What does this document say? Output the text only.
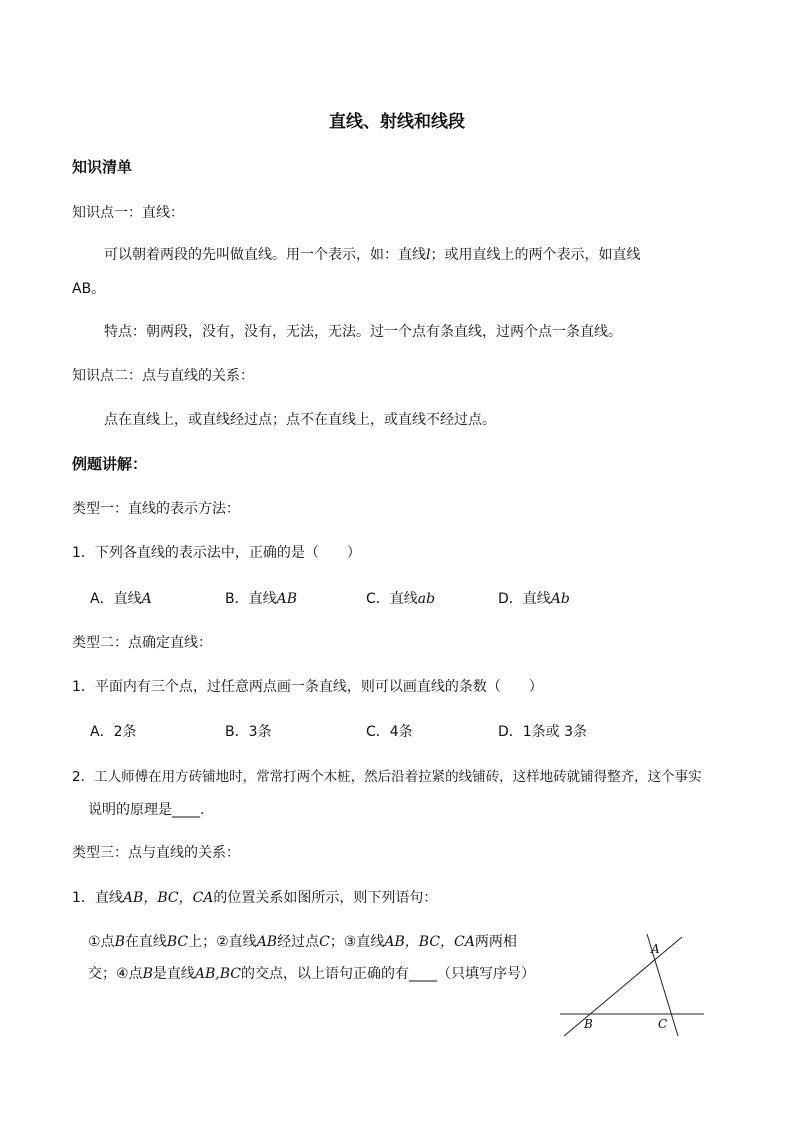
直线、射线和线段
知识清单
知识点一：直线：
可以朝着两段的先叫做直线。用一个表示，如：直线l；或用直线上的两个表示，如直线
AB。
特点：朝两段，没有，没有，无法，无法。过一个点有条直线，过两个点一条直线。
知识点二：点与直线的关系：
点在直线上，或直线经过点；点不在直线上，或直线不经过点。
例题讲解：
类型一：直线的表示方法：
1．下列各直线的表示法中，正确的是（　　）
A．直线A	B．直线AB	C．直线ab	D．直线Ab
类型二：点确定直线：
1．平面内有三个点，过任意两点画一条直线，则可以画直线的条数（　　）
A．2条	B．3条	C．4条	D．1条或 3条
2．工人师傅在用方砖铺地时，常常打两个木桩，然后沿着拉紧的线铺砖，这样地砖就铺得整齐，这个事实
说明的原理是____.
类型三：点与直线的关系：
1．直线AB，BC，CA的位置关系如图所示，则下列语句：
①点B在直线BC上；②直线AB经过点C；③直线AB，BC，CA两两相
交；④点B是直线AB,BC的交点，以上语句正确的有____（只填写序号）
A
B	C
